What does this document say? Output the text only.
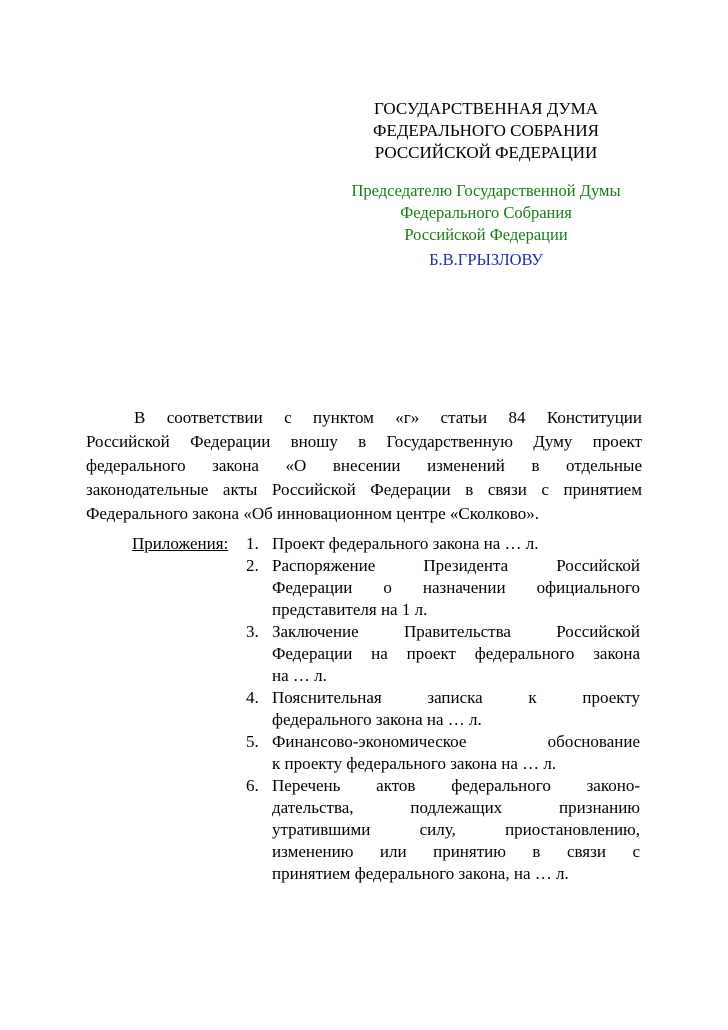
ГОСУДАРСТВЕННАЯ ДУМА
ФЕДЕРАЛЬНОГО СОБРАНИЯ
РОССИЙСКОЙ ФЕДЕРАЦИИ
Председателю Государственной Думы
Федерального Собрания
Российской Федерации
Б.В.ГРЫЗЛОВУ
В соответствии с пунктом «г» статьи 84 Конституции
Российской Федерации вношу в Государственную Думу проект
федерального закона «О внесении изменений в отдельные
законодательные акты Российской Федерации в связи с принятием
Федерального закона «Об инновационном центре «Сколково».
Приложения: 1. Проект федерального закона на … л.
2. Распоряжение Президента Российской
Федерации о назначении официального
представителя на 1 л.
3. Заключение Правительства Российской
Федерации на проект федерального закона
на … л.
4. Пояснительная записка к проекту
федерального закона на … л.
5. Финансово-экономическое обоснование
к проекту федерального закона на … л.
6. Перечень актов федерального законо-
дательства, подлежащих признанию
утратившими силу, приостановлению,
изменению или принятию в связи с
принятием федерального закона, на … л.
